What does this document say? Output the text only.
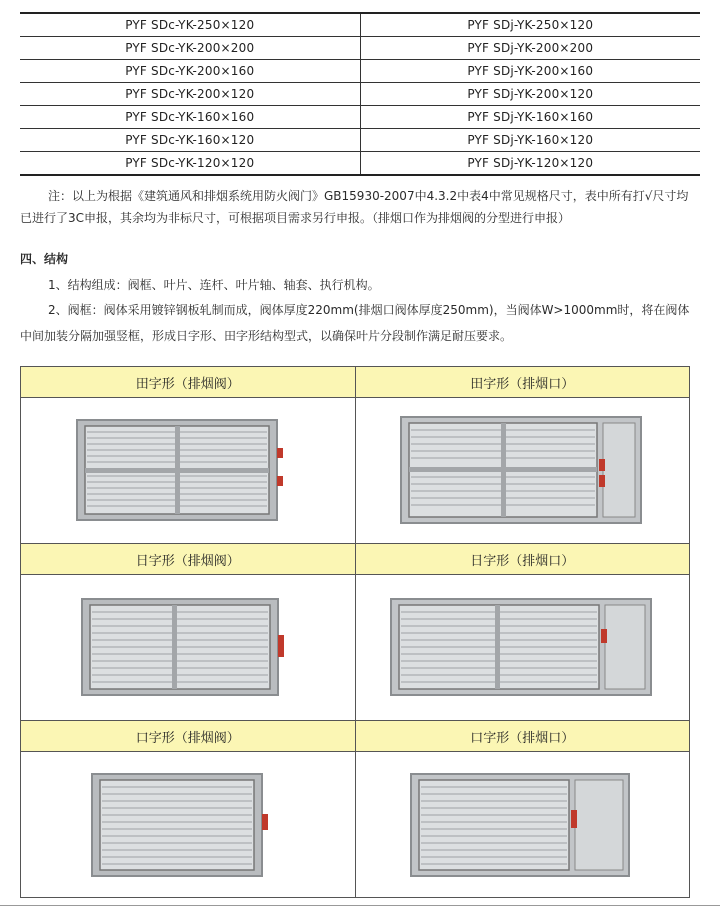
PYF SDc-YK-250×120	PYF SDj-YK-250×120
PYF SDc-YK-200×200	PYF SDj-YK-200×200
PYF SDc-YK-200×160	PYF SDj-YK-200×160
PYF SDc-YK-200×120	PYF SDj-YK-200×120
PYF SDc-YK-160×160	PYF SDj-YK-160×160
PYF SDc-YK-160×120	PYF SDj-YK-160×120
PYF SDc-YK-120×120	PYF SDj-YK-120×120

注：以上为根据《建筑通风和排烟系统用防火阀门》GB15930-2007中4.3.2中表4中常见规格尺寸，表中所有打√尺寸均已进行了3C申报，其余均为非标尺寸，可根据项目需求另行申报。（排烟口作为排烟阀的分型进行申报）

四、结构

1、结构组成：阀框、叶片、连杆、叶片轴、轴套、执行机构。

2、阀框：阀体采用镀锌钢板轧制而成，阀体厚度220mm(排烟口阀体厚度250mm)，当阀体W>1000mm时，将在阀体中间加装分隔加强竖框，形成日字形、田字形结构型式，以确保叶片分段制作满足耐压要求。

田字形（排烟阀）	田字形（排烟口）

日字形（排烟阀）	日字形（排烟口）

口字形（排烟阀）	口字形（排烟口）
